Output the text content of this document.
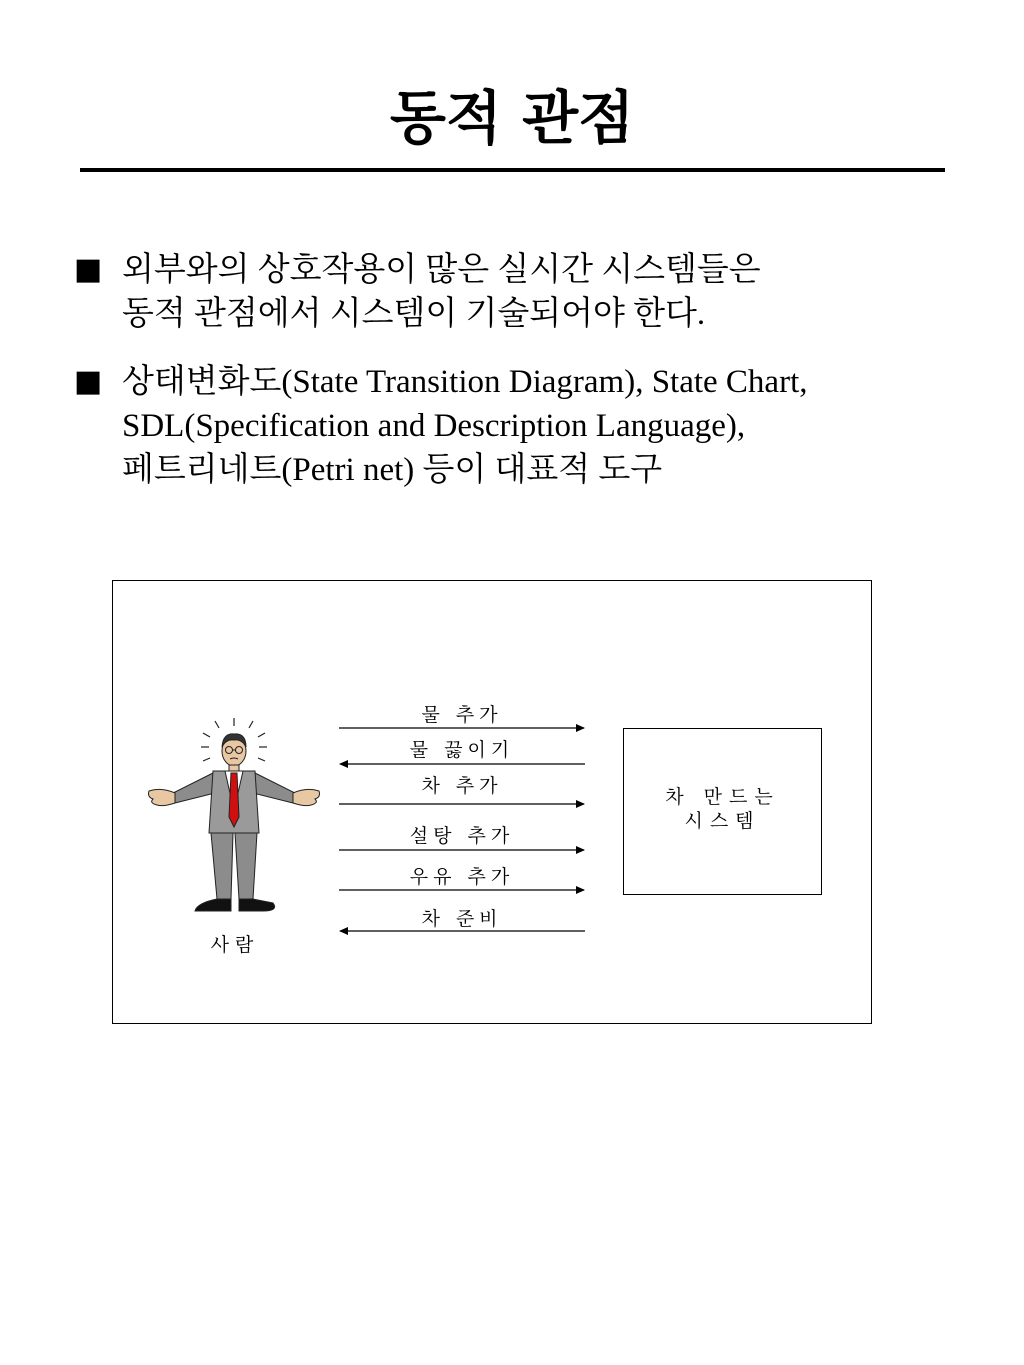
동적 관점
■ 외부와의 상호작용이 많은 실시간 시스템들은
동적 관점에서 시스템이 기술되어야 한다.
■ 상태변화도(State Transition Diagram), State Chart,
SDL(Specification and Description Language),
페트리네트(Petri net) 등이 대표적 도구
물 추가
물 끓이기
차 추가
설탕 추가
우유 추가
차 준비
차 만드는
시스템
사람
